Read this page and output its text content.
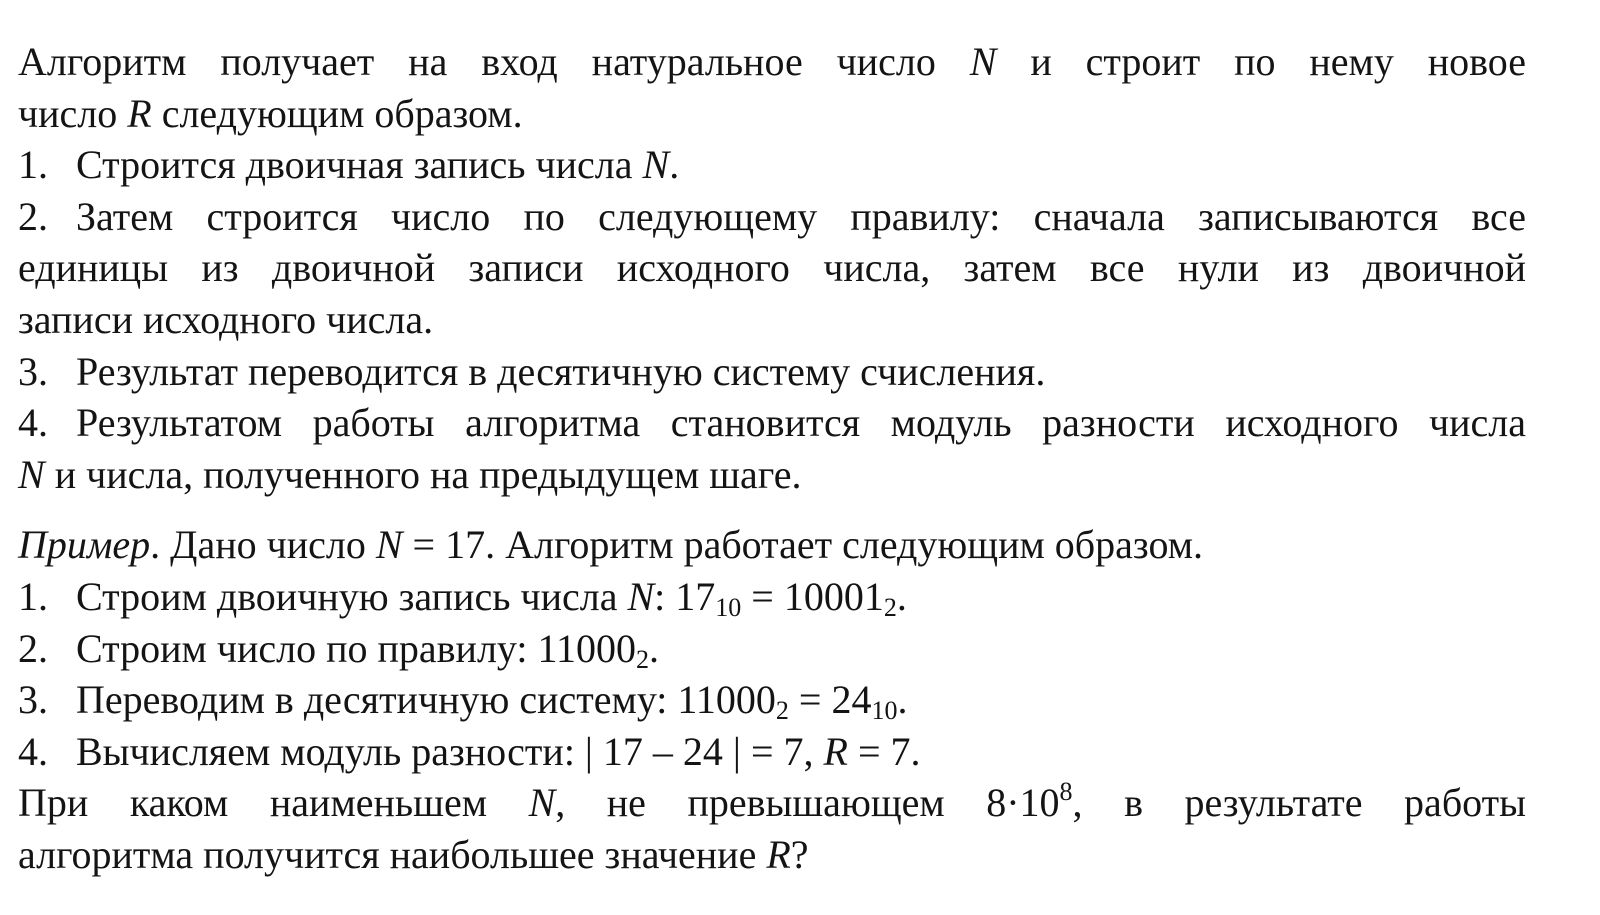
Алгоритм получает на вход натуральное число N и строит по нему новое
число R следующим образом.
1. Строится двоичная запись числа N.
2. Затем строится число по следующему правилу: сначала записываются все
единицы из двоичной записи исходного числа, затем все нули из двоичной
записи исходного числа.
3. Результат переводится в десятичную систему счисления.
4. Результатом работы алгоритма становится модуль разности исходного числа
N и числа, полученного на предыдущем шаге.
Пример. Дано число N = 17. Алгоритм работает следующим образом.
1. Строим двоичную запись числа N: $17_{10} = 10001_2$.
2. Строим число по правилу: $11000_2$.
3. Переводим в десятичную систему: $11000_2 = 24_{10}$.
4. Вычисляем модуль разности: | 17 – 24 | = 7, R = 7.
При каком наименьшем N, не превышающем $8\cdot 10^8$, в результате работы
алгоритма получится наибольшее значение R?
